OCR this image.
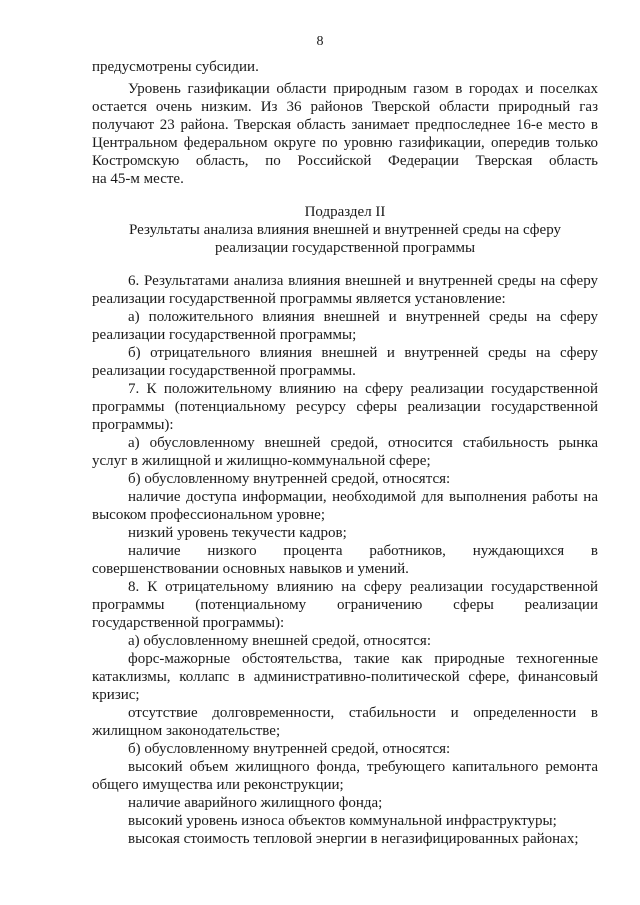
8
предусмотрены субсидии.
Уровень газификации области природным газом в городах и поселках
остается очень низким. Из 36 районов Тверской области природный газ
получают 23 района. Тверская область занимает предпоследнее 16-е место в
Центральном федеральном округе по уровню газификации, опередив только
Костромскую область, по Российской Федерации Тверская область
на 45-м месте.
Подраздел II
Результаты анализа влияния внешней и внутренней среды на сферу
реализации государственной программы
6. Результатами анализа влияния внешней и внутренней среды на сферу
реализации государственной программы является установление:
а) положительного влияния внешней и внутренней среды на сферу
реализации государственной программы;
б) отрицательного влияния внешней и внутренней среды на сферу
реализации государственной программы.
7. К положительному влиянию на сферу реализации государственной
программы (потенциальному ресурсу сферы реализации государственной
программы):
а) обусловленному внешней средой, относится стабильность рынка
услуг в жилищной и жилищно-коммунальной сфере;
б) обусловленному внутренней средой, относятся:
наличие доступа информации, необходимой для выполнения работы на
высоком профессиональном уровне;
низкий уровень текучести кадров;
наличие низкого процента работников, нуждающихся в
совершенствовании основных навыков и умений.
8. К отрицательному влиянию на сферу реализации государственной
программы (потенциальному ограничению сферы реализации
государственной программы):
а) обусловленному внешней средой, относятся:
форс-мажорные обстоятельства, такие как природные техногенные
катаклизмы, коллапс в административно-политической сфере, финансовый
кризис;
отсутствие долговременности, стабильности и определенности в
жилищном законодательстве;
б) обусловленному внутренней средой, относятся:
высокий объем жилищного фонда, требующего капитального ремонта
общего имущества или реконструкции;
наличие аварийного жилищного фонда;
высокий уровень износа объектов коммунальной инфраструктуры;
высокая стоимость тепловой энергии в негазифицированных районах;
